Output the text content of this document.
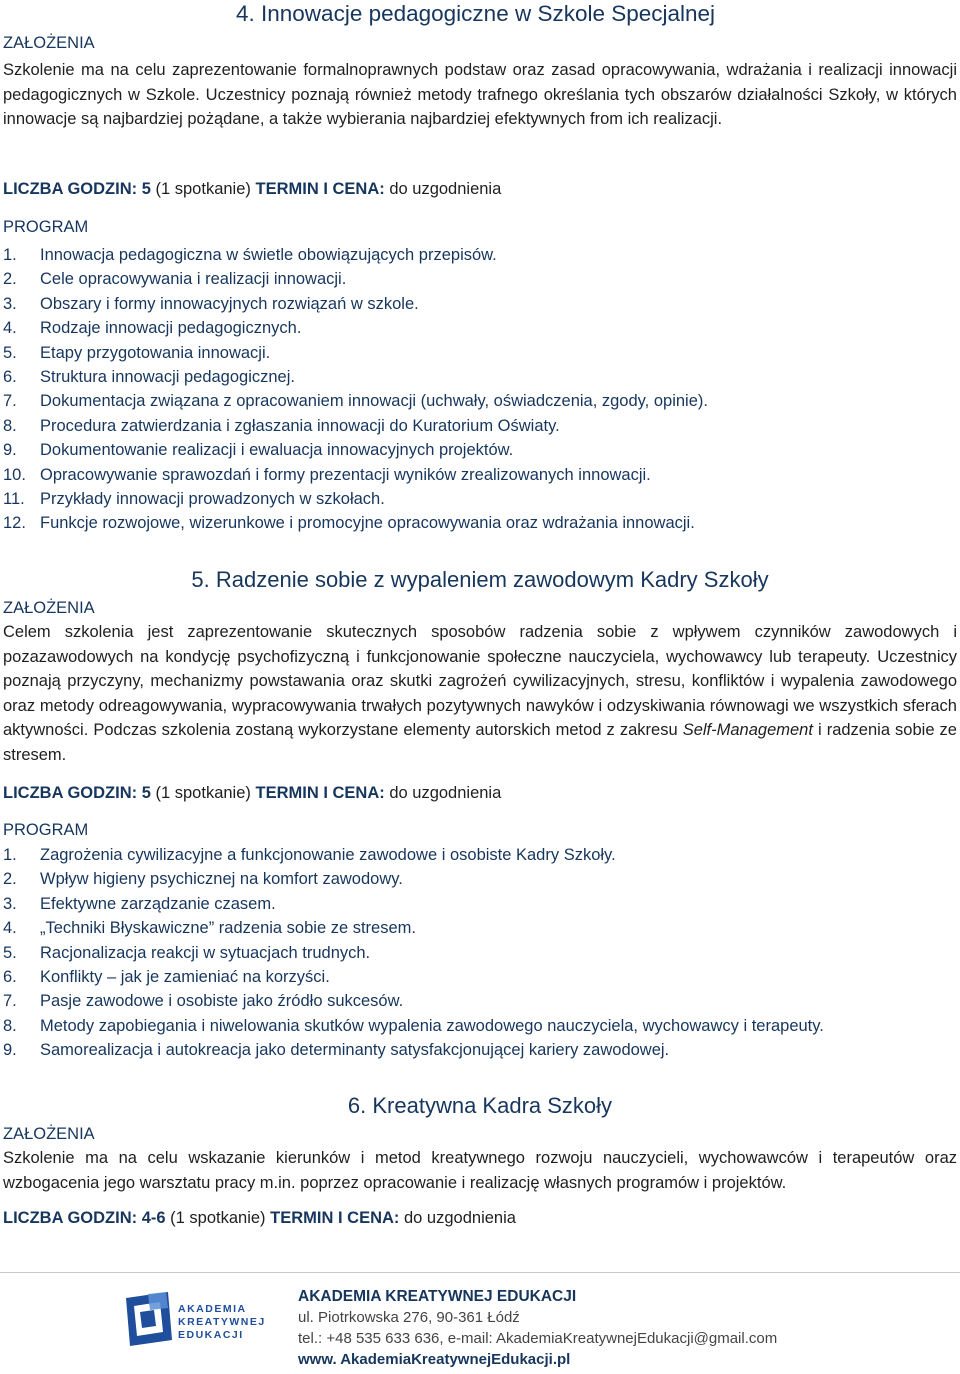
4. Innowacje pedagogiczne w Szkole Specjalnej
ZAŁOŻENIA
Szkolenie ma na celu zaprezentowanie formalnoprawnych podstaw oraz zasad opracowywania, wdrażania i realizacji innowacji pedagogicznych w Szkole. Uczestnicy poznają również metody trafnego określania tych obszarów działalności Szkoły, w których innowacje są najbardziej pożądane, a także wybierania najbardziej efektywnych from ich realizacji.
LICZBA GODZIN: 5 (1 spotkanie) TERMIN I CENA: do uzgodnienia
PROGRAM
1. Innowacja pedagogiczna w świetle obowiązujących przepisów.
2. Cele opracowywania i realizacji innowacji.
3. Obszary i formy innowacyjnych rozwiązań w szkole.
4. Rodzaje innowacji pedagogicznych.
5. Etapy przygotowania innowacji.
6. Struktura innowacji pedagogicznej.
7. Dokumentacja związana z opracowaniem innowacji (uchwały, oświadczenia, zgody, opinie).
8. Procedura zatwierdzania i zgłaszania innowacji do Kuratorium Oświaty.
9. Dokumentowanie realizacji i ewaluacja innowacyjnych projektów.
10. Opracowywanie sprawozdań i formy prezentacji wyników zrealizowanych innowacji.
11. Przykłady innowacji prowadzonych w szkołach.
12. Funkcje rozwojowe, wizerunkowe i promocyjne opracowywania oraz wdrażania innowacji.
5. Radzenie sobie z wypaleniem zawodowym Kadry Szkoły
ZAŁOŻENIA
Celem szkolenia jest zaprezentowanie skutecznych sposobów radzenia sobie z wpływem czynników zawodowych i pozazawodowych na kondycję psychofizyczną i funkcjonowanie społeczne nauczyciela, wychowawcy lub terapeuty. Uczestnicy poznają przyczyny, mechanizmy powstawania oraz skutki zagrożeń cywilizacyjnych, stresu, konfliktów i wypalenia zawodowego oraz metody odreagowywania, wypracowywania trwałych pozytywnych nawyków i odzyskiwania równowagi we wszystkich sferach aktywności. Podczas szkolenia zostaną wykorzystane elementy autorskich metod z zakresu Self-Management i radzenia sobie ze stresem.
LICZBA GODZIN: 5 (1 spotkanie) TERMIN I CENA: do uzgodnienia
PROGRAM
1. Zagrożenia cywilizacyjne a funkcjonowanie zawodowe i osobiste Kadry Szkoły.
2. Wpływ higieny psychicznej na komfort zawodowy.
3. Efektywne zarządzanie czasem.
4. „Techniki Błyskawiczne” radzenia sobie ze stresem.
5. Racjonalizacja reakcji w sytuacjach trudnych.
6. Konflikty – jak je zamieniać na korzyści.
7. Pasje zawodowe i osobiste jako źródło sukcesów.
8. Metody zapobiegania i niwelowania skutków wypalenia zawodowego nauczyciela, wychowawcy i terapeuty.
9. Samorealizacja i autokreacja jako determinanty satysfakcjonującej kariery zawodowej.
6. Kreatywna Kadra Szkoły
ZAŁOŻENIA
Szkolenie ma na celu wskazanie kierunków i metod kreatywnego rozwoju nauczycieli, wychowawców i terapeutów oraz wzbogacenia jego warsztatu pracy m.in. poprzez opracowanie i realizację własnych programów i projektów.
LICZBA GODZIN: 4-6 (1 spotkanie) TERMIN I CENA: do uzgodnienia
AKADEMIA
KREATYWNEJ
EDUKACJI
AKADEMIA KREATYWNEJ EDUKACJI
ul. Piotrkowska 276, 90-361 Łódź
tel.: +48 535 633 636, e-mail: AkademiaKreatywnejEdukacji@gmail.com
www. AkademiaKreatywnejEdukacji.pl
